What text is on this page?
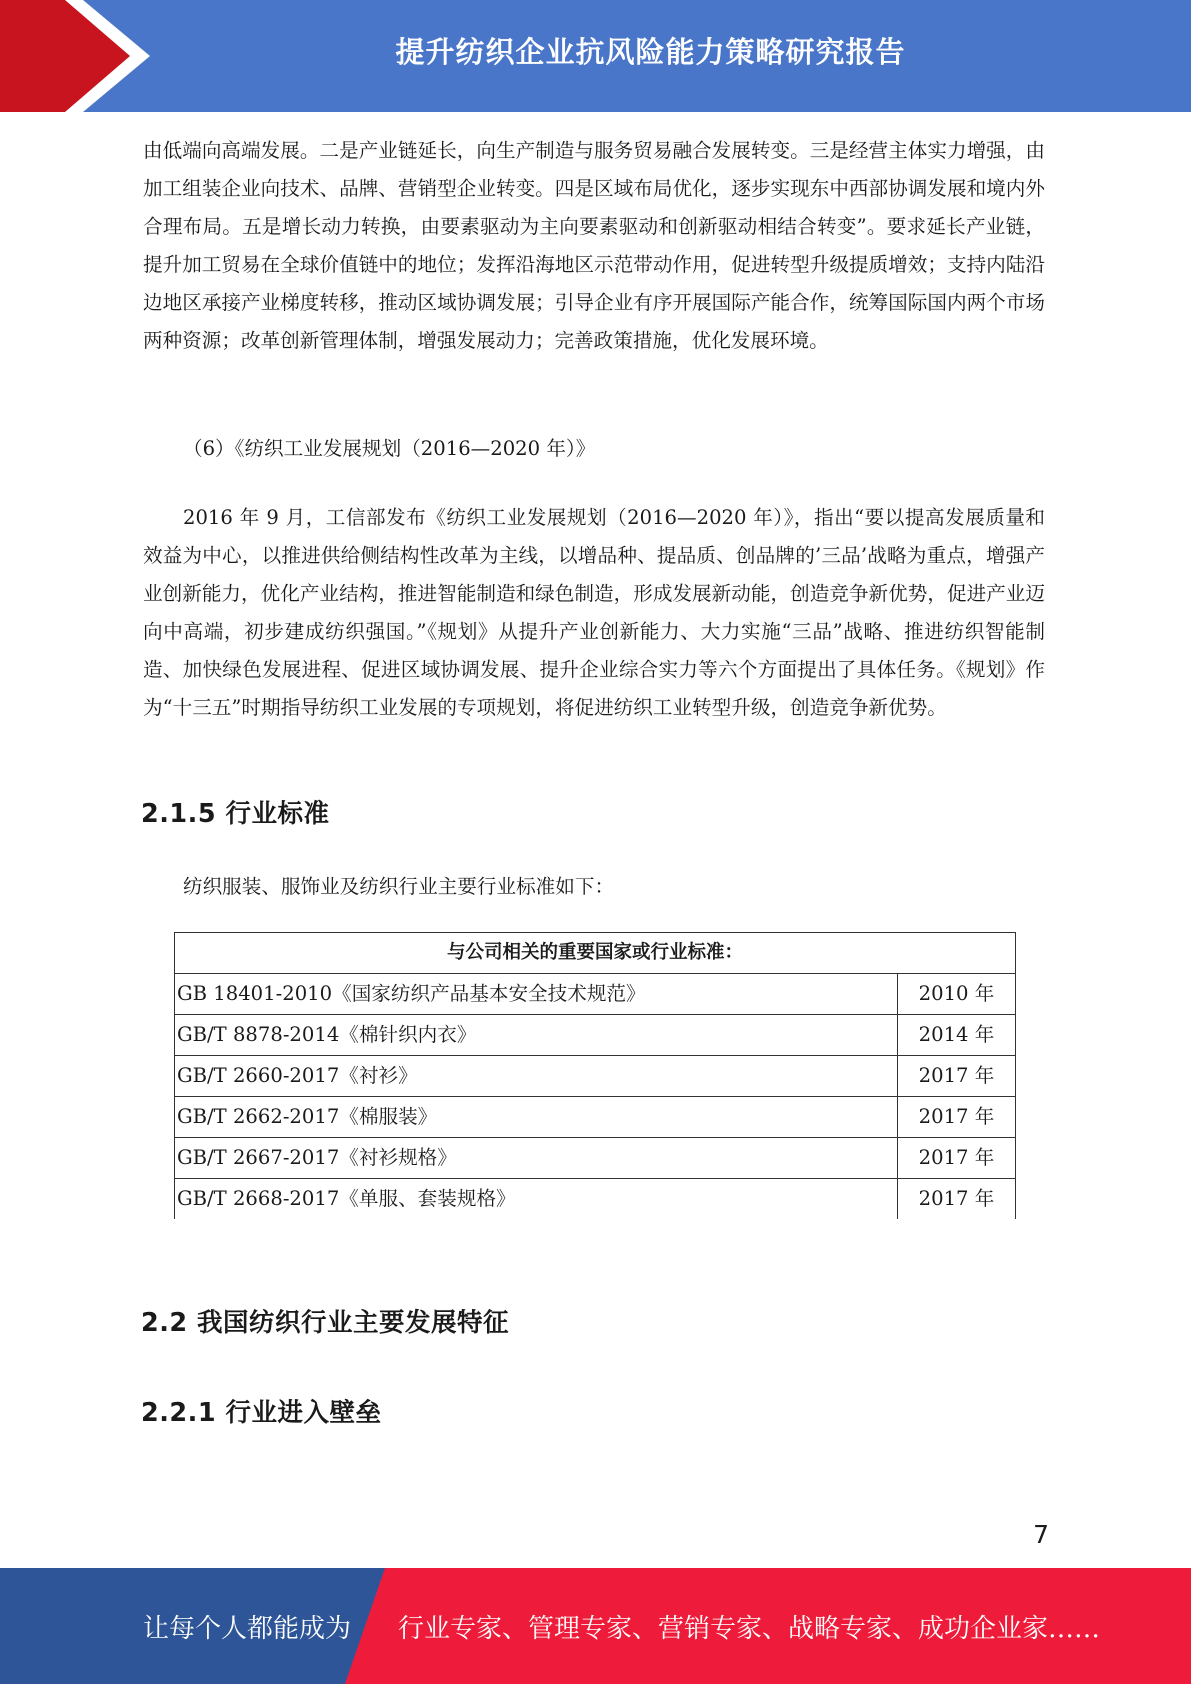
提升纺织企业抗风险能力策略研究报告

由低端向高端发展。二是产业链延长，向生产制造与服务贸易融合发展转变。三是经营主体实力增强，由加工组装企业向技术、品牌、营销型企业转变。四是区域布局优化，逐步实现东中西部协调发展和境内外合理布局。五是增长动力转换，由要素驱动为主向要素驱动和创新驱动相结合转变”。要求延长产业链，提升加工贸易在全球价值链中的地位；发挥沿海地区示范带动作用，促进转型升级提质增效；支持内陆沿边地区承接产业梯度转移，推动区域协调发展；引导企业有序开展国际产能合作，统筹国际国内两个市场两种资源；改革创新管理体制，增强发展动力；完善政策措施，优化发展环境。

（6）《纺织工业发展规划（2016—2020 年）》

2016 年 9 月，工信部发布《纺织工业发展规划（2016—2020 年）》，指出“要以提高发展质量和效益为中心，以推进供给侧结构性改革为主线，以增品种、提品质、创品牌的’三品’战略为重点，增强产业创新能力，优化产业结构，推进智能制造和绿色制造，形成发展新动能，创造竞争新优势，促进产业迈向中高端，初步建成纺织强国。”《规划》从提升产业创新能力、大力实施“三品”战略、推进纺织智能制造、加快绿色发展进程、促进区域协调发展、提升企业综合实力等六个方面提出了具体任务。《规划》作为“十三五”时期指导纺织工业发展的专项规划，将促进纺织工业转型升级，创造竞争新优势。

2.1.5 行业标准

纺织服装、服饰业及纺织行业主要行业标准如下：

与公司相关的重要国家或行业标准：	
GB 18401-2010《国家纺织产品基本安全技术规范》	2010 年
GB/T 8878-2014《棉针织内衣》	2014 年
GB/T 2660-2017《衬衫》	2017 年
GB/T 2662-2017《棉服装》	2017 年
GB/T 2667-2017《衬衫规格》	2017 年
GB/T 2668-2017《单服、套装规格》	2017 年
2.2 我国纺织行业主要发展特征
2.2.1 行业进入壁垒
7
让每个人都能成为 行业专家、管理专家、营销专家、战略专家、成功企业家……
